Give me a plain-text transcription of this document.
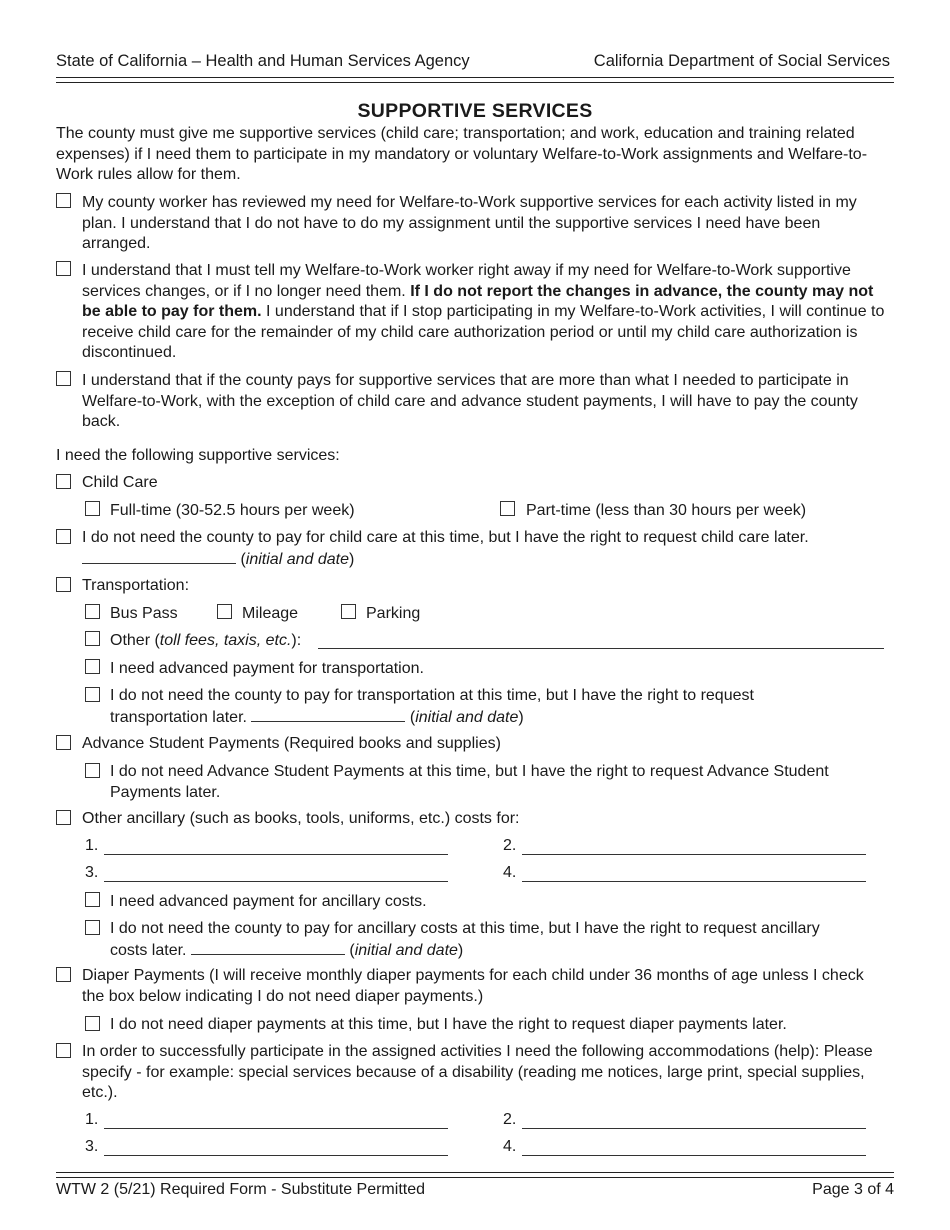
State of California – Health and Human Services Agency	California Department of Social Services
SUPPORTIVE SERVICES
The county must give me supportive services (child care; transportation; and work, education and training related expenses) if I need them to participate in my mandatory or voluntary Welfare-to-Work assignments and Welfare-to-Work rules allow for them.
My county worker has reviewed my need for Welfare-to-Work supportive services for each activity listed in my plan. I understand that I do not have to do my assignment until the supportive services I need have been arranged.
I understand that I must tell my Welfare-to-Work worker right away if my need for Welfare-to-Work supportive services changes, or if I no longer need them. If I do not report the changes in advance, the county may not be able to pay for them. I understand that if I stop participating in my Welfare-to-Work activities, I will continue to receive child care for the remainder of my child care authorization period or until my child care authorization is discontinued.
I understand that if the county pays for supportive services that are more than what I needed to participate in Welfare-to-Work, with the exception of child care and advance student payments, I will have to pay the county back.
I need the following supportive services:
Child Care
Full-time (30-52.5 hours per week)	Part-time (less than 30 hours per week)
I do not need the county to pay for child care at this time, but I have the right to request child care later.
(initial and date)
Transportation:
Bus Pass	Mileage	Parking
Other (toll fees, taxis, etc.):
I need advanced payment for transportation.
I do not need the county to pay for transportation at this time, but I have the right to request
transportation later.	(initial and date)
Advance Student Payments (Required books and supplies)
I do not need Advance Student Payments at this time, but I have the right to request Advance Student Payments later.
Other ancillary (such as books, tools, uniforms, etc.) costs for:
1.	2.
3.	4.
I need advanced payment for ancillary costs.
I do not need the county to pay for ancillary costs at this time, but I have the right to request ancillary
costs later.	(initial and date)
Diaper Payments (I will receive monthly diaper payments for each child under 36 months of age unless I check the box below indicating I do not need diaper payments.)
I do not need diaper payments at this time, but I have the right to request diaper payments later.
In order to successfully participate in the assigned activities I need the following accommodations (help): Please specify - for example: special services because of a disability (reading me notices, large print, special supplies, etc.).
1.	2.
3.	4.
WTW 2 (5/21) Required Form - Substitute Permitted	Page 3 of 4
